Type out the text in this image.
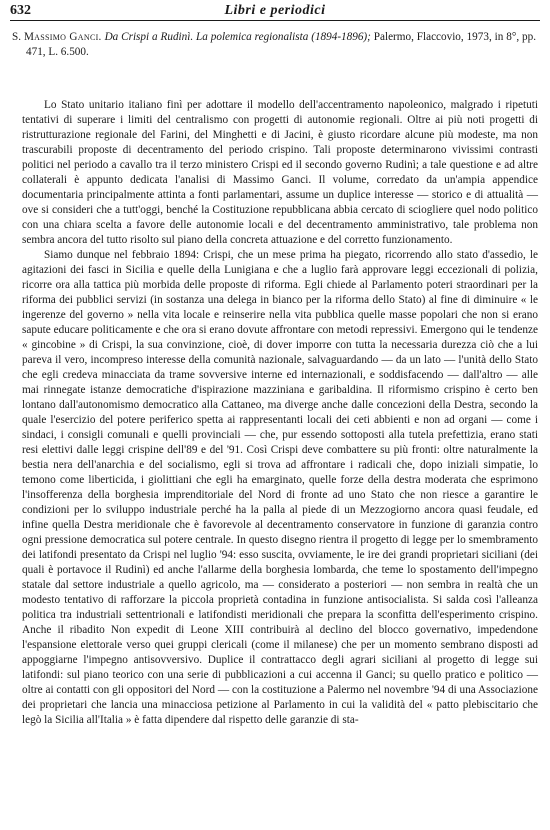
632	Libri e periodici
S. Massimo Ganci. Da Crispi a Rudinì. La polemica regionalista (1894-1896); Palermo, Flaccovio, 1973, in 8°, pp. 471, L. 6.500.

Lo Stato unitario italiano finì per adottare il modello dell'accentramento napoleonico, malgrado i ripetuti tentativi di superare i limiti del centralismo con progetti di autonomie regionali. Oltre ai più noti progetti di ristrutturazione regionale del Farini, del Minghetti e di Jacini, è giusto ricordare alcune più modeste, ma non trascurabili proposte di decentramento del periodo crispino. Tali proposte determinarono vivissimi contrasti politici nel periodo a cavallo tra il terzo ministero Crispi ed il secondo governo Rudinì; a tale questione e ad altre collaterali è appunto dedicata l'analisi di Massimo Ganci. Il volume, corredato da un'ampia appendice documentaria principalmente attinta a fonti parlamentari, assume un duplice interesse — storico e di attualità — ove si consideri che a tutt'oggi, benché la Costituzione repubblicana abbia cercato di sciogliere quel nodo politico con una chiara scelta a favore delle autonomie locali e del decentramento amministrativo, tale problema non sembra ancora del tutto risolto sul piano della concreta attuazione e del corretto funzionamento.

Siamo dunque nel febbraio 1894: Crispi, che un mese prima ha piegato, ricorrendo allo stato d'assedio, le agitazioni dei fasci in Sicilia e quelle della Lunigiana e che a luglio farà approvare leggi eccezionali di polizia, ricorre ora alla tattica più morbida delle proposte di riforma. Egli chiede al Parlamento poteri straordinari per la riforma dei pubblici servizi (in sostanza una delega in bianco per la riforma dello Stato) al fine di diminuire « le ingerenze del governo » nella vita locale e reinserire nella vita pubblica quelle masse popolari che non si erano sapute educare politicamente e che ora si erano dovute affrontare con metodi repressivi. Emergono qui le tendenze « gincobine » di Crispi, la sua convinzione, cioè, di dover imporre con tutta la necessaria durezza ciò che a lui pareva il vero, incompreso interesse della comunità nazionale, salvaguardando — da un lato — l'unità dello Stato che egli credeva minacciata da trame sovversive interne ed internazionali, e soddisfacendo — dall'altro — alle mai rinnegate istanze democratiche d'ispirazione mazziniana e garibaldina. Il riformismo crispino è certo ben lontano dall'autonomismo democratico alla Cattaneo, ma diverge anche dalle concezioni della Destra, secondo la quale l'esercizio del potere periferico spetta ai rappresentanti locali dei ceti abbienti e non ad organi — come i sindaci, i consigli comunali e quelli provinciali — che, pur essendo sottoposti alla tutela prefettizia, erano stati resi elettivi dalle leggi crispine dell'89 e del '91. Così Crispi deve combattere su più fronti: oltre naturalmente la bestia nera dell'anarchia e del socialismo, egli si trova ad affrontare i radicali che, dopo iniziali simpatie, lo temono come liberticida, i giolittiani che egli ha emarginato, quelle forze della destra moderata che esprimono l'insofferenza della borghesia imprenditoriale del Nord di fronte ad uno Stato che non riesce a garantire le condizioni per lo sviluppo industriale perché ha la palla al piede di un Mezzogiorno ancora quasi feudale, ed infine quella Destra meridionale che è favorevole al decentramento conservatore in funzione di garanzia contro ogni pressione democratica sul potere centrale. In questo disegno rientra il progetto di legge per lo smembramento dei latifondi presentato da Crispi nel luglio '94: esso suscita, ovviamente, le ire dei grandi proprietari siciliani (dei quali è portavoce il Rudinì) ed anche l'allarme della borghesia lombarda, che teme lo spostamento dell'impegno statale dal settore industriale a quello agricolo, ma — considerato a posteriori — non sembra in realtà che un modesto tentativo di rafforzare la piccola proprietà contadina in funzione antisocialista. Si salda così l'alleanza politica tra industriali settentrionali e latifondisti meridionali che prepara la sconfitta dell'esperimento crispino. Anche il ribadito Non expedit di Leone XIII contribuirà al declino del blocco governativo, impedendone l'espansione elettorale verso quei gruppi clericali (come il milanese) che per un momento sembrano disposti ad appoggiarne l'impegno antisovversivo. Duplice il contrattacco degli agrari siciliani al progetto di legge sui latifondi: sul piano teorico con una serie di pubblicazioni a cui accenna il Ganci; su quello pratico e politico — oltre ai contatti con gli oppositori del Nord — con la costituzione a Palermo nel novembre '94 di una Associazione dei proprietari che lancia una minacciosa petizione al Parlamento in cui la validità del « patto plebiscitario che legò la Sicilia all'Italia » è fatta dipendere dal rispetto delle garanzie di sta-
